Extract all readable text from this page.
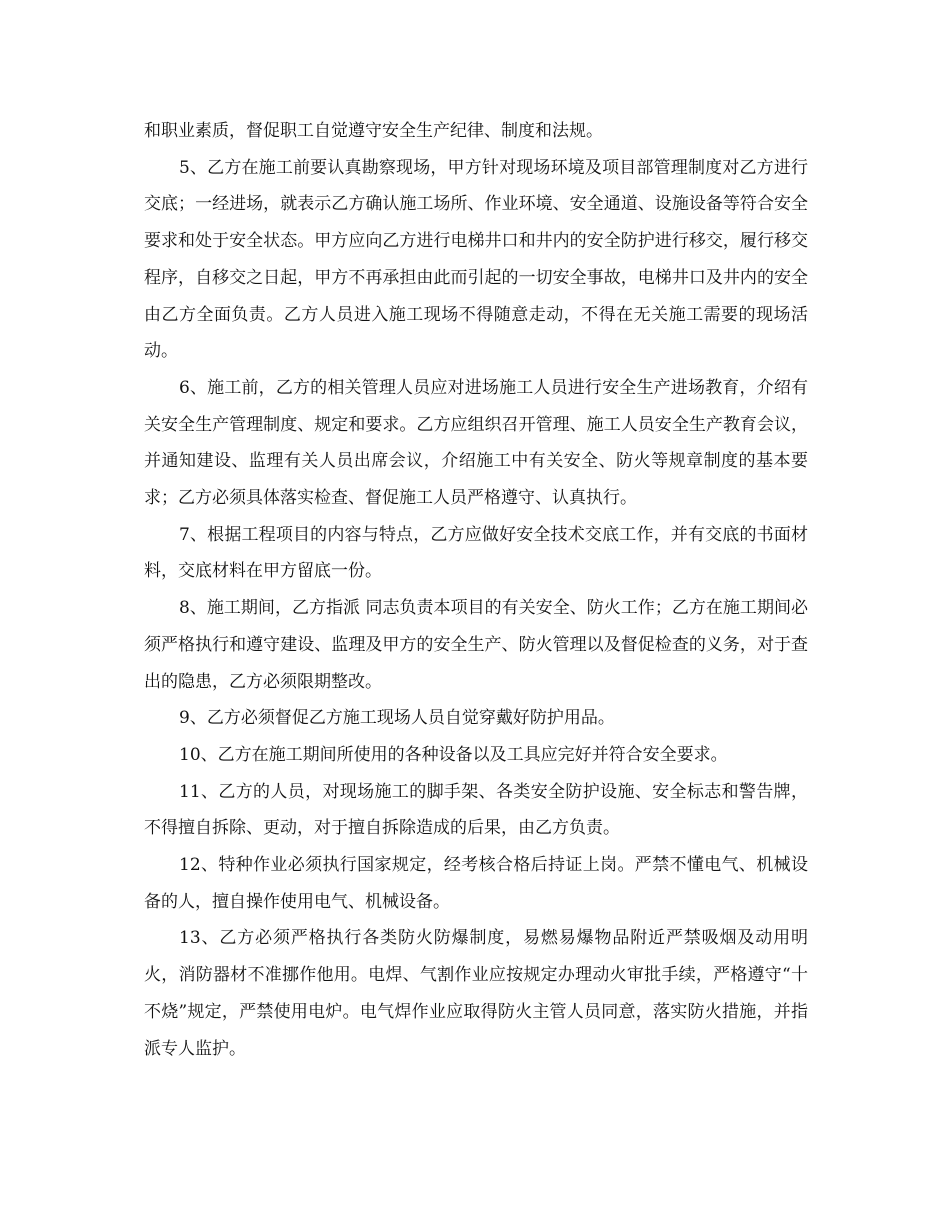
和职业素质，督促职工自觉遵守安全生产纪律、制度和法规。

5、乙方在施工前要认真勘察现场，甲方针对现场环境及项目部管理制度对乙方进行交底；一经进场，就表示乙方确认施工场所、作业环境、安全通道、设施设备等符合安全要求和处于安全状态。甲方应向乙方进行电梯井口和井内的安全防护进行移交，履行移交程序，自移交之日起，甲方不再承担由此而引起的一切安全事故，电梯井口及井内的安全由乙方全面负责。乙方人员进入施工现场不得随意走动，不得在无关施工需要的现场活动。

6、施工前，乙方的相关管理人员应对进场施工人员进行安全生产进场教育，介绍有关安全生产管理制度、规定和要求。乙方应组织召开管理、施工人员安全生产教育会议，并通知建设、监理有关人员出席会议，介绍施工中有关安全、防火等规章制度的基本要求；乙方必须具体落实检查、督促施工人员严格遵守、认真执行。

7、根据工程项目的内容与特点，乙方应做好安全技术交底工作，并有交底的书面材料，交底材料在甲方留底一份。

8、施工期间，乙方指派 同志负责本项目的有关安全、防火工作；乙方在施工期间必须严格执行和遵守建设、监理及甲方的安全生产、防火管理以及督促检查的义务，对于查出的隐患，乙方必须限期整改。

9、乙方必须督促乙方施工现场人员自觉穿戴好防护用品。

10、乙方在施工期间所使用的各种设备以及工具应完好并符合安全要求。

11、乙方的人员，对现场施工的脚手架、各类安全防护设施、安全标志和警告牌，不得擅自拆除、更动，对于擅自拆除造成的后果，由乙方负责。

12、特种作业必须执行国家规定，经考核合格后持证上岗。严禁不懂电气、机械设备的人，擅自操作使用电气、机械设备。

13、乙方必须严格执行各类防火防爆制度，易燃易爆物品附近严禁吸烟及动用明火，消防器材不准挪作他用。电焊、气割作业应按规定办理动火审批手续，严格遵守“十不烧”规定，严禁使用电炉。电气焊作业应取得防火主管人员同意，落实防火措施，并指派专人监护。
